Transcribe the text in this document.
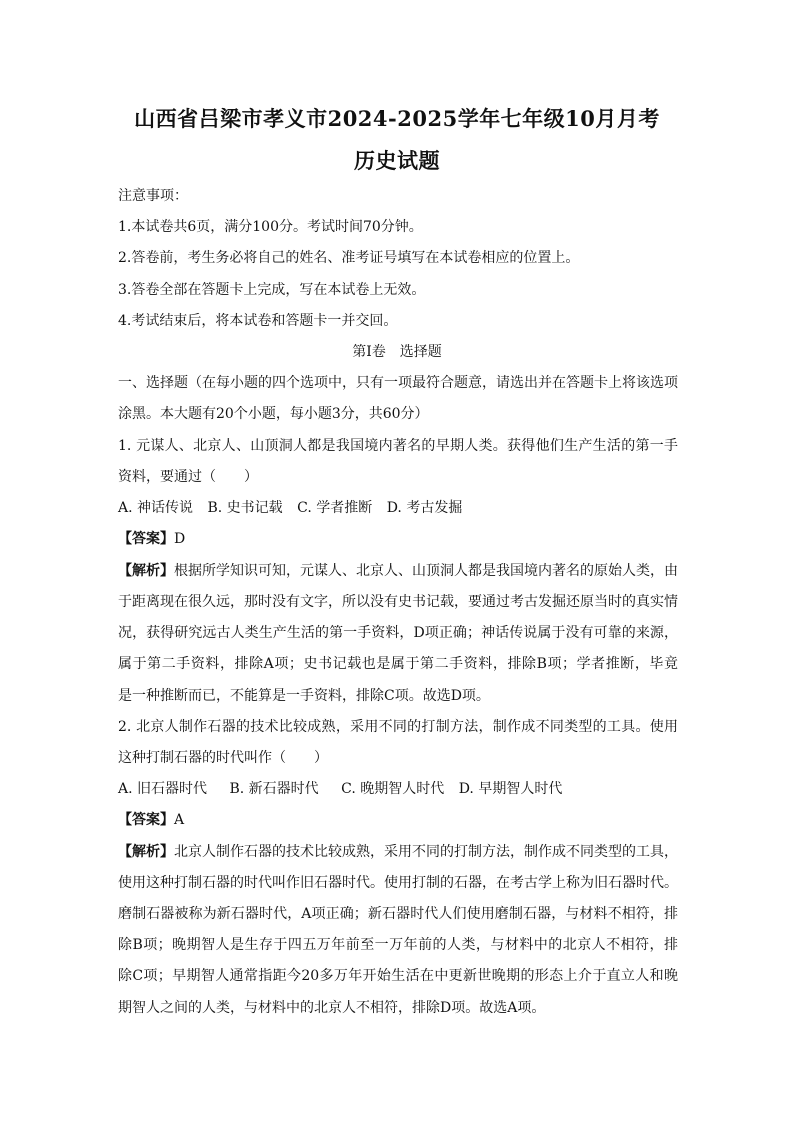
山西省吕梁市孝义市2024-2025学年七年级10月月考
历史试题
注意事项：
1.本试卷共6页，满分100分。考试时间70分钟。
2.答卷前，考生务必将自己的姓名、准考证号填写在本试卷相应的位置上。
3.答卷全部在答题卡上完成，写在本试卷上无效。
4.考试结束后，将本试卷和答题卡一并交回。
第Ⅰ卷　选择题
一、选择题（在每小题的四个选项中，只有一项最符合题意，请选出并在答题卡上将该选项
涂黑。本大题有20个小题，每小题3分，共60分）
1. 元谋人、北京人、山顶洞人都是我国境内著名的早期人类。获得他们生产生活的第一手
资料，要通过（　　）
A. 神话传说 B. 史书记载 C. 学者推断 D. 考古发掘
【答案】D
【解析】根据所学知识可知，元谋人、北京人、山顶洞人都是我国境内著名的原始人类，由
于距离现在很久远，那时没有文字，所以没有史书记载，要通过考古发掘还原当时的真实情
况，获得研究远古人类生产生活的第一手资料，D项正确；神话传说属于没有可靠的来源，
属于第二手资料，排除A项；史书记载也是属于第二手资料，排除B项；学者推断，毕竟
是一种推断而已，不能算是一手资料，排除C项。故选D项。
2. 北京人制作石器的技术比较成熟，采用不同的打制方法，制作成不同类型的工具。使用
这种打制石器的时代叫作（　　）
A. 旧石器时代 B. 新石器时代 C. 晚期智人时代 D. 早期智人时代
【答案】A
【解析】北京人制作石器的技术比较成熟，采用不同的打制方法，制作成不同类型的工具，
使用这种打制石器的时代叫作旧石器时代。使用打制的石器，在考古学上称为旧石器时代。
磨制石器被称为新石器时代，A项正确；新石器时代人们使用磨制石器，与材料不相符，排
除B项；晚期智人是生存于四五万年前至一万年前的人类，与材料中的北京人不相符，排
除C项；早期智人通常指距今20多万年开始生活在中更新世晚期的形态上介于直立人和晚
期智人之间的人类，与材料中的北京人不相符，排除D项。故选A项。
